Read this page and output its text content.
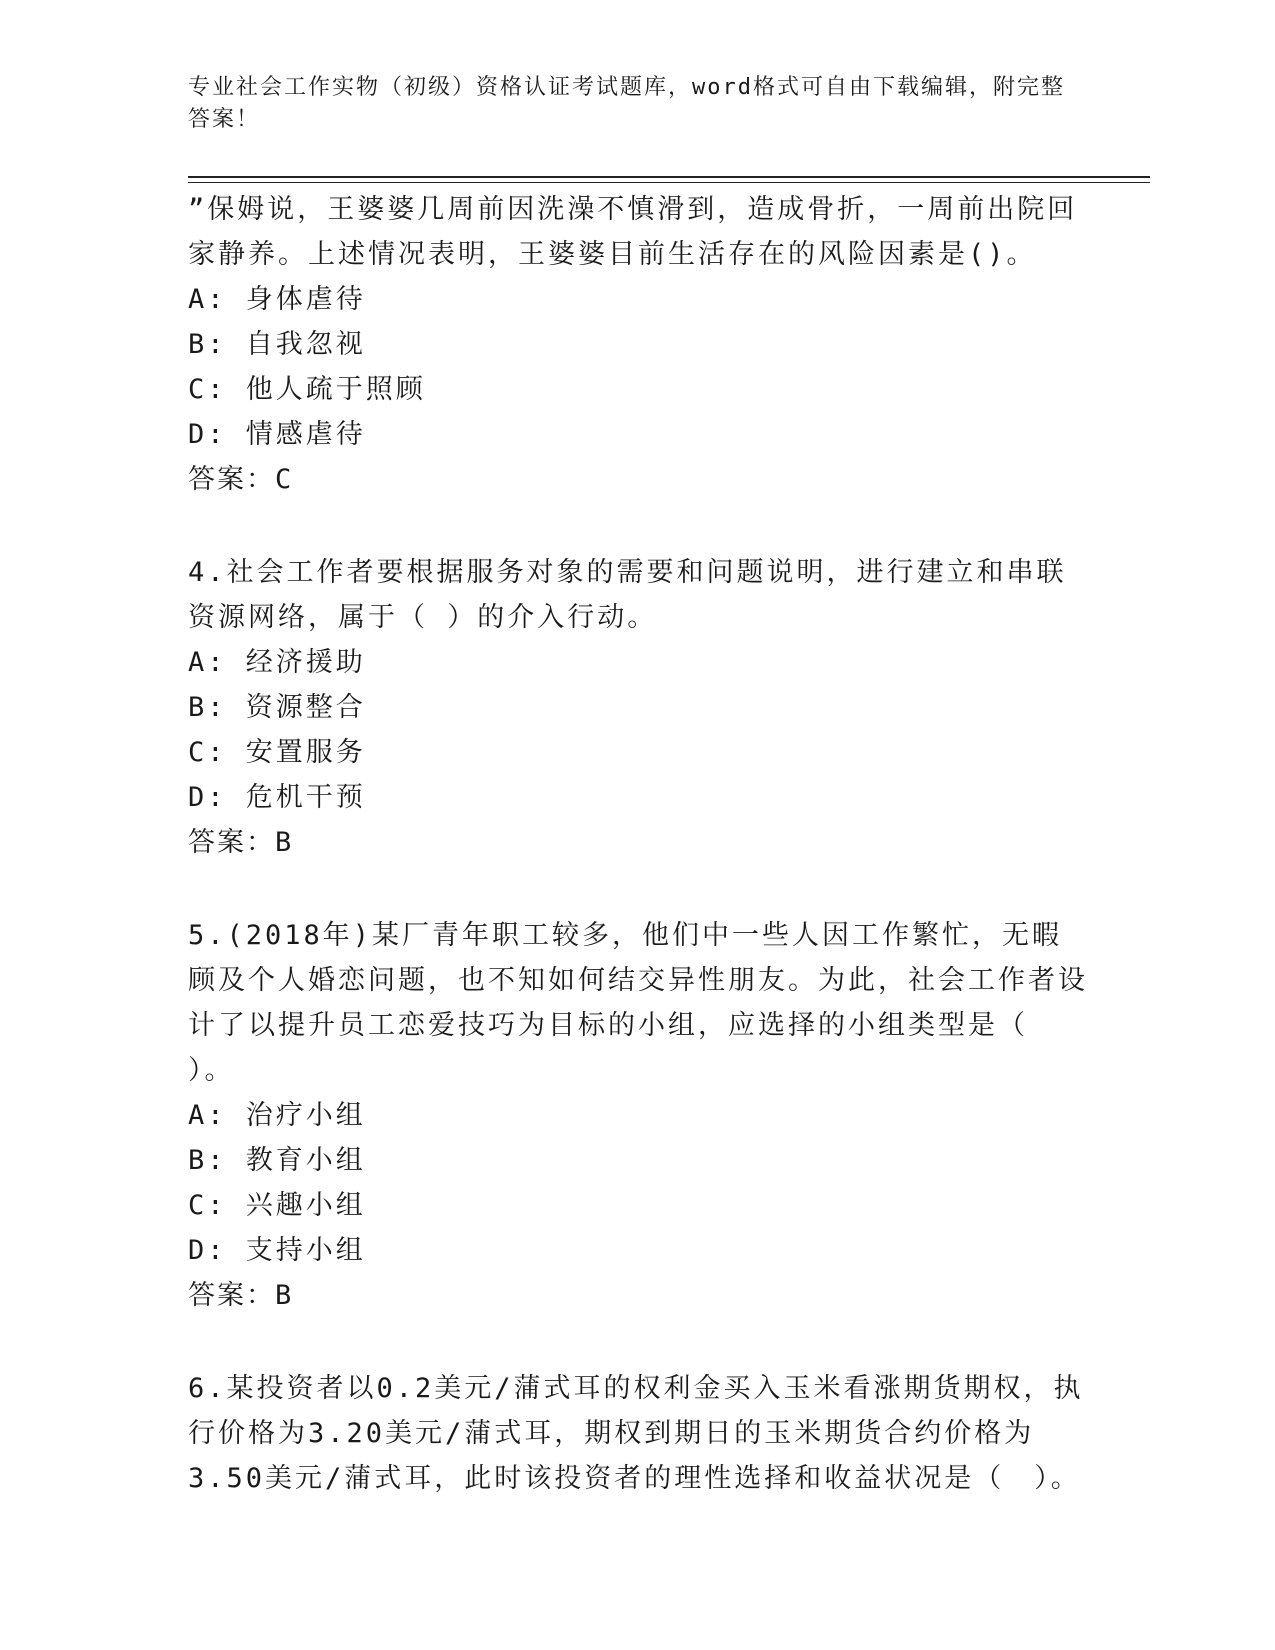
专业社会工作实物（初级）资格认证考试题库，word格式可自由下载编辑，附完整答案！

”保姆说，王婆婆几周前因洗澡不慎滑到，造成骨折，一周前出院回家静养。上述情况表明，王婆婆目前生活存在的风险因素是()。

A: 身体虐待

B: 自我忽视

C: 他人疏于照顾

D: 情感虐待

答案：C

4.社会工作者要根据服务对象的需要和问题说明，进行建立和串联资源网络，属于（ ）的介入行动。

A: 经济援助

B: 资源整合

C: 安置服务

D: 危机干预

答案：B

5.(2018年)某厂青年职工较多，他们中一些人因工作繁忙，无暇顾及个人婚恋问题，也不知如何结交异性朋友。为此，社会工作者设计了以提升员工恋爱技巧为目标的小组，应选择的小组类型是（ ）。

A: 治疗小组

B: 教育小组

C: 兴趣小组

D: 支持小组

答案：B

6.某投资者以0.2美元/蒲式耳的权利金买入玉米看涨期货期权，执行价格为3.20美元/蒲式耳，期权到期日的玉米期货合约价格为3.50美元/蒲式耳，此时该投资者的理性选择和收益状况是（　）。
